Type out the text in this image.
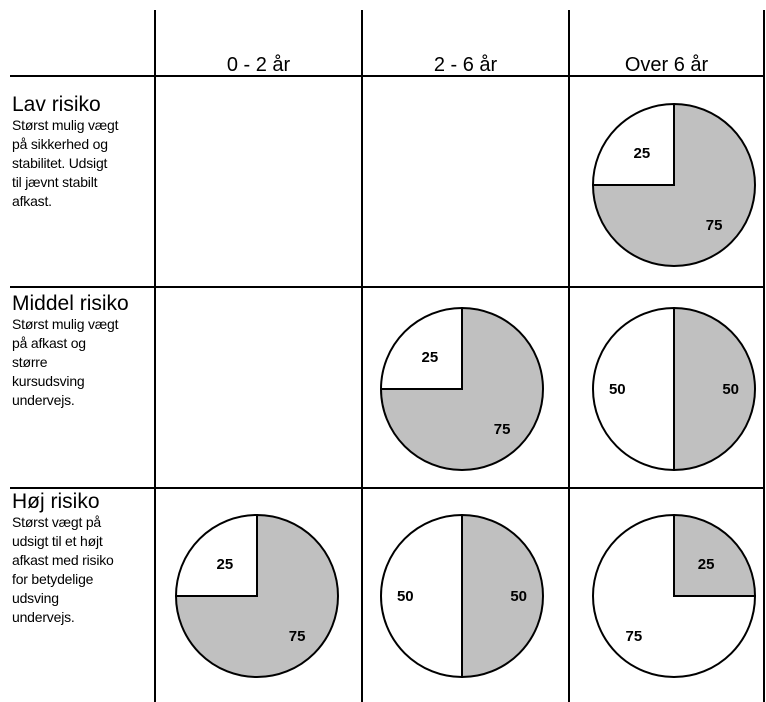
0 - 2 år	2 - 6 år	Over 6 år
Lav risiko
Størst mulig vægt
på sikkerhed og
stabilitet. Udsigt
til jævnt stabilt
afkast.
Middel risiko
Størst mulig vægt
på afkast og
større
kursudsving
undervejs.
Høj risiko
Størst vægt på
udsigt til et højt
afkast med risiko
for betydelige
udsving
undervejs.
75
25
75
25
50
50
75
25
50
50
25
75
